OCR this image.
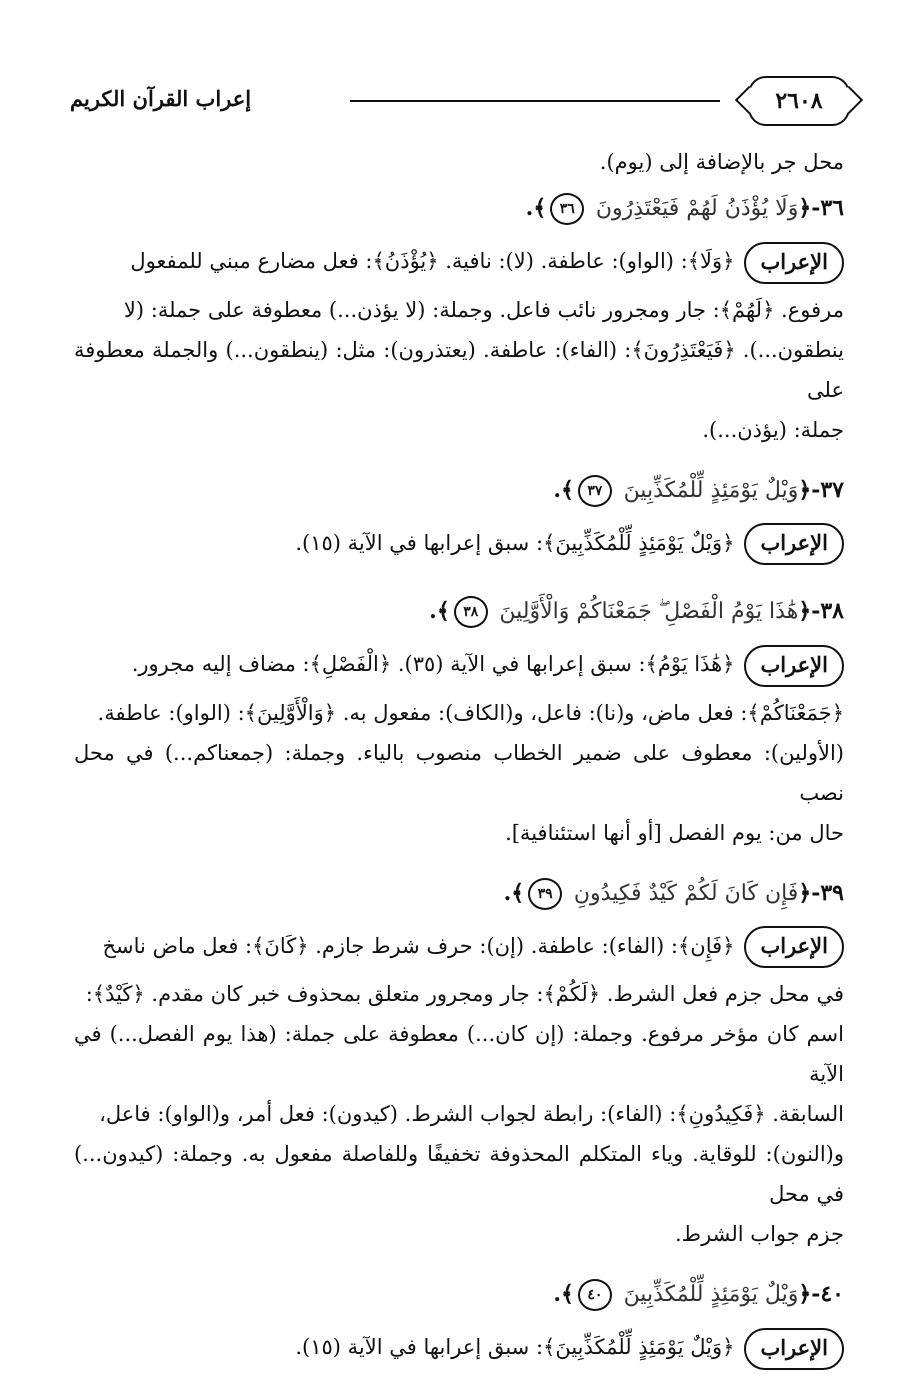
إعراب القرآن الكريم	٢٦٠٨

محل جر بالإضافة إلى (يوم).

٣٦-﴿وَلَا يُؤْذَنُ لَهُمْ فَيَعْتَذِرُونَ ٣٦﴾.

الإعراب﴿وَلَا﴾: (الواو): عاطفة. (لا): نافية. ﴿يُؤْذَنُ﴾: فعل مضارع مبني للمفعول

مرفوع. ﴿لَهُمْ﴾: جار ومجرور نائب فاعل. وجملة: (لا يؤذن...) معطوفة على جملة: (لا

ينطقون...). ﴿فَيَعْتَذِرُونَ﴾: (الفاء): عاطفة. (يعتذرون): مثل: (ينطقون...) والجملة معطوفة على

جملة: (يؤذن...).

٣٧-﴿وَيْلٌ يَوْمَئِذٍ لِّلْمُكَذِّبِينَ ٣٧﴾.

الإعراب﴿وَيْلٌ يَوْمَئِذٍ لِّلْمُكَذِّبِينَ﴾: سبق إعرابها في الآية (١٥).

٣٨-﴿هَٰذَا يَوْمُ الْفَصْلِ ۖ جَمَعْنَاكُمْ وَالْأَوَّلِينَ ٣٨﴾.

الإعراب﴿هَٰذَا يَوْمُ﴾: سبق إعرابها في الآية (٣٥). ﴿الْفَصْلِ﴾: مضاف إليه مجرور.

﴿جَمَعْنَاكُمْ﴾: فعل ماض، و(نا): فاعل، و(الكاف): مفعول به. ﴿وَالْأَوَّلِينَ﴾: (الواو): عاطفة.

(الأولين): معطوف على ضمير الخطاب منصوب بالياء. وجملة: (جمعناكم...) في محل نصب

حال من: يوم الفصل [أو أنها استئنافية].

٣٩-﴿فَإِن كَانَ لَكُمْ كَيْدٌ فَكِيدُونِ ٣٩﴾.

الإعراب﴿فَإِن﴾: (الفاء): عاطفة. (إن): حرف شرط جازم. ﴿كَانَ﴾: فعل ماض ناسخ

في محل جزم فعل الشرط. ﴿لَكُمْ﴾: جار ومجرور متعلق بمحذوف خبر كان مقدم. ﴿كَيْدٌ﴾:

اسم كان مؤخر مرفوع. وجملة: (إن كان...) معطوفة على جملة: (هذا يوم الفصل...) في الآية

السابقة. ﴿فَكِيدُونِ﴾: (الفاء): رابطة لجواب الشرط. (كيدون): فعل أمر، و(الواو): فاعل،

و(النون): للوقاية. وياء المتكلم المحذوفة تخفيفًا وللفاصلة مفعول به. وجملة: (كيدون...) في محل

جزم جواب الشرط.

٤٠-﴿وَيْلٌ يَوْمَئِذٍ لِّلْمُكَذِّبِينَ ٤٠﴾.

الإعراب﴿وَيْلٌ يَوْمَئِذٍ لِّلْمُكَذِّبِينَ﴾: سبق إعرابها في الآية (١٥).
